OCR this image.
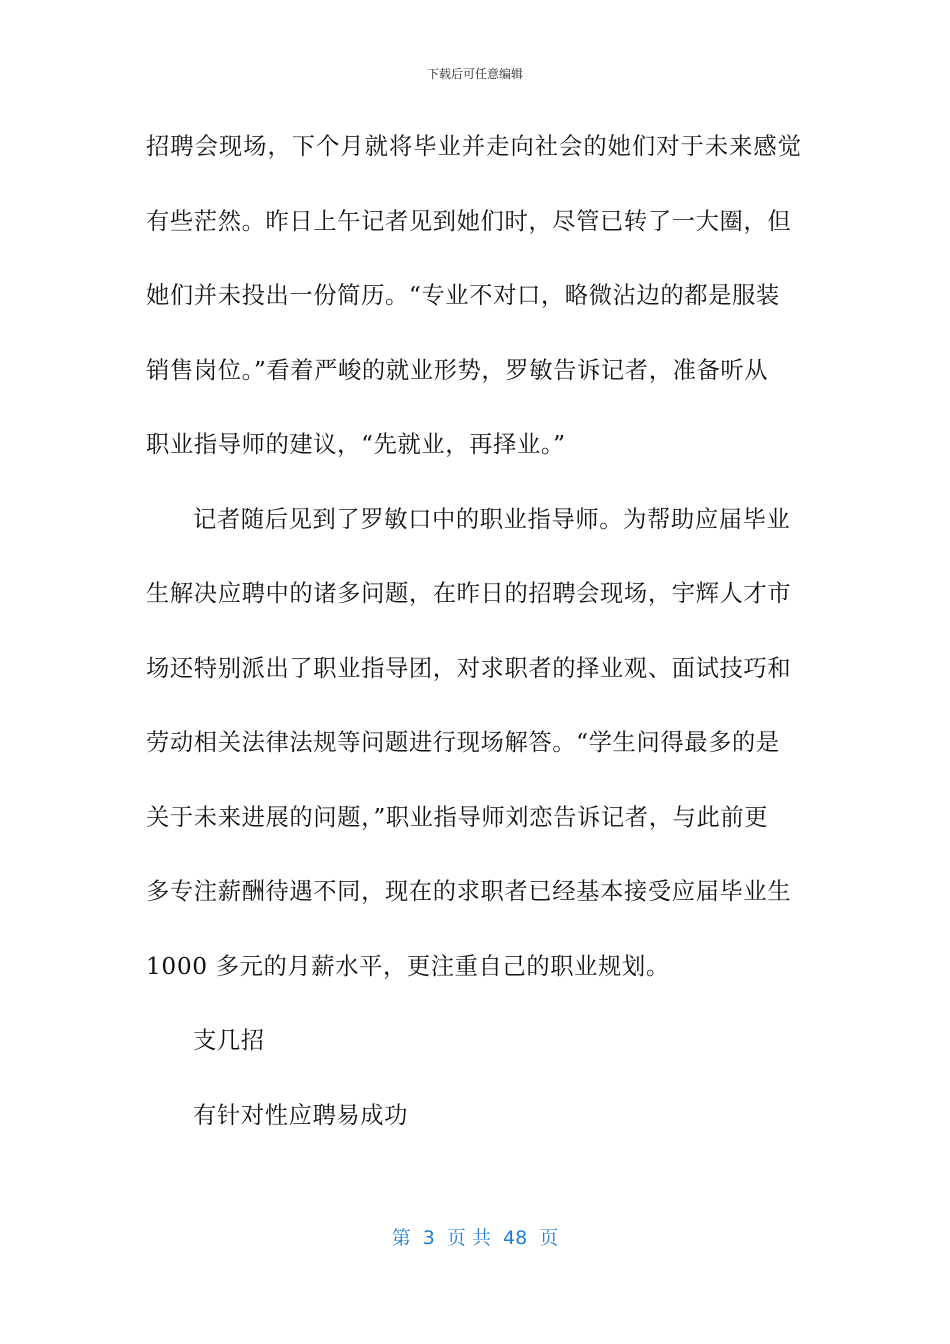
下载后可任意编辑
招聘会现场，下个月就将毕业并走向社会的她们对于未来感觉
有些茫然。昨日上午记者见到她们时，尽管已转了一大圈，但
她们并未投出一份简历。“专业不对口，略微沾边的都是服装
销售岗位。”看着严峻的就业形势，罗敏告诉记者，准备听从
职业指导师的建议，“先就业，再择业。”
记者随后见到了罗敏口中的职业指导师。为帮助应届毕业
生解决应聘中的诸多问题，在昨日的招聘会现场，宇辉人才市
场还特别派出了职业指导团，对求职者的择业观、面试技巧和
劳动相关法律法规等问题进行现场解答。“学生问得最多的是
关于未来进展的问题，”职业指导师刘恋告诉记者，与此前更
多专注薪酬待遇不同，现在的求职者已经基本接受应届毕业生
1000 多元的月薪水平，更注重自己的职业规划。
支几招
有针对性应聘易成功
第  3  页 共  48  页
